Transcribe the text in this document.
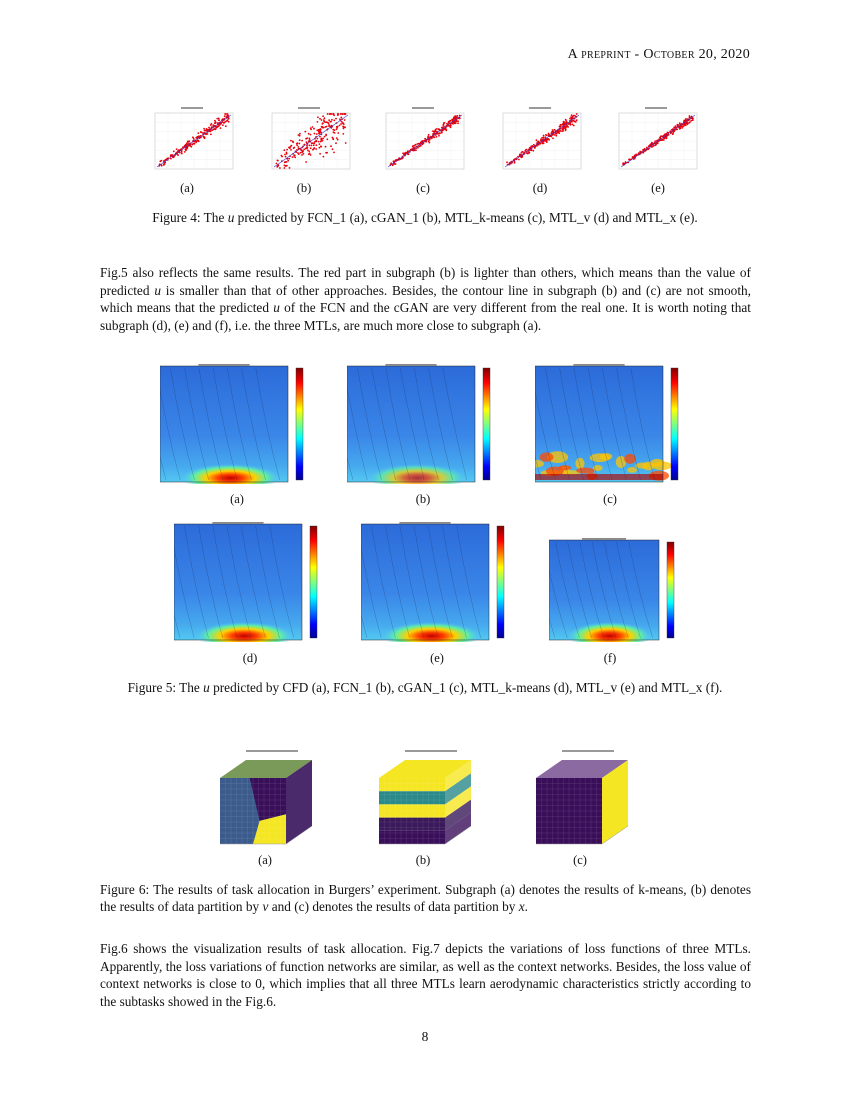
A preprint - October 20, 2020
(a)	(b)	(c)	(d)	(e)
Figure 4: The u predicted by FCN_1 (a), cGAN_1 (b), MTL_k-means (c), MTL_v (d) and MTL_x (e).
Fig.5 also reflects the same results. The red part in subgraph (b) is lighter than others, which means than the value of predicted u is smaller than that of other approaches. Besides, the contour line in subgraph (b) and (c) are not smooth, which means that the predicted u of the FCN and the cGAN are very different from the real one. It is worth noting that subgraph (d), (e) and (f), i.e. the three MTLs, are much more close to subgraph (a).
(a)	(b)	(c)
(d)	(e)	(f)
Figure 5: The u predicted by CFD (a), FCN_1 (b), cGAN_1 (c), MTL_k-means (d), MTL_v (e) and MTL_x (f).
(a)	(b)	(c)
Figure 6: The results of task allocation in Burgers’ experiment. Subgraph (a) denotes the results of k-means, (b) denotes the results of data partition by v and (c) denotes the results of data partition by x.
Fig.6 shows the visualization results of task allocation. Fig.7 depicts the variations of loss functions of three MTLs. Apparently, the loss variations of function networks are similar, as well as the context networks. Besides, the loss value of context networks is close to 0, which implies that all three MTLs learn aerodynamic characteristics strictly according to the subtasks showed in the Fig.6.
8
